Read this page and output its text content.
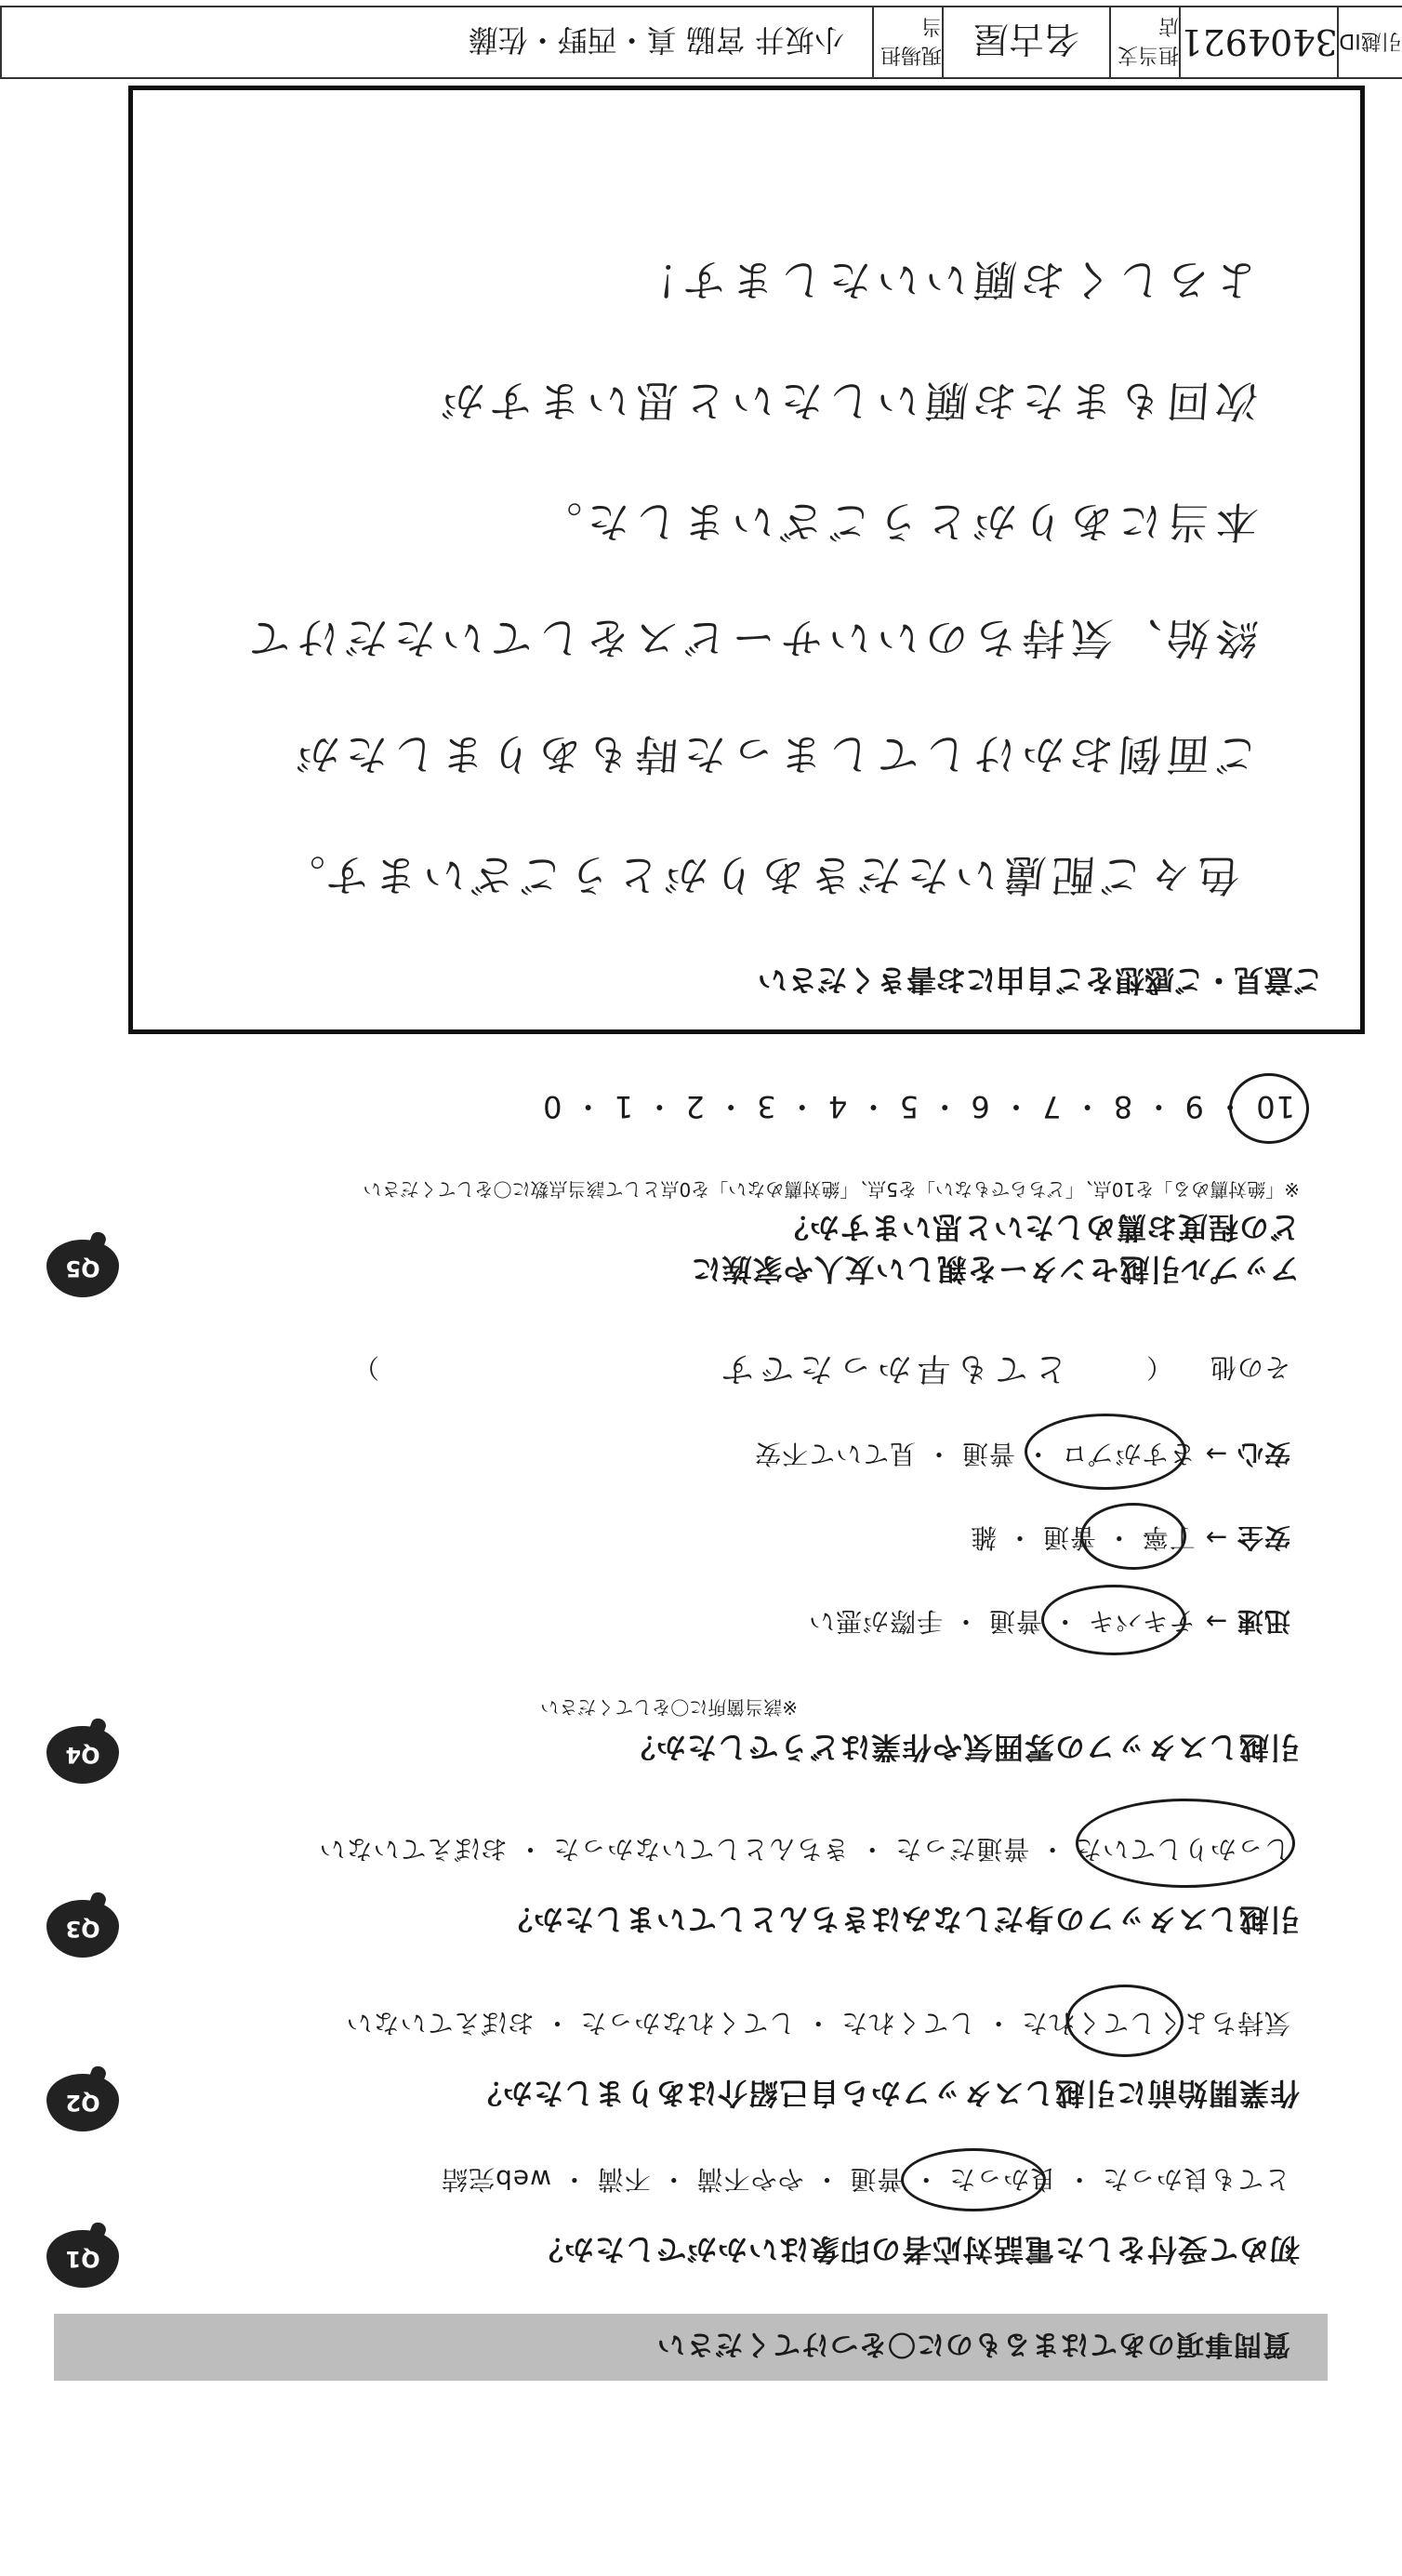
質問事項のあてはまるものに〇をつけてください
Q1	初めて受付をした電話対応者の印象はいかがでしたか？
とても良かった ・ 良かった ・ 普通 ・ やや不満 ・ 不満 ・ web完結
Q2	作業開始前に引越しスタッフから自己紹介はありましたか？
気持ちよくしてくれた ・ してくれた ・ してくれなかった ・ おぼえていない
Q3	引越しスタッフの身だしなみはきちんとしていましたか？
しっかりしていた ・ 普通だった ・ きちんとしていなかった ・ おぼえていない
Q4	引越しスタッフの雰囲気や作業はどうでしたか？
※該当箇所に〇をしてください
迅速 → テキパキ ・ 普通 ・ 手際が悪い
安全 → 丁寧 ・ 普通 ・ 雑
安心 → さすがプロ ・ 普通 ・ 見ていて不安
その他 （
とても早かったです
）
Q5	アップル引越センターを親しい友人や家族に
どの程度お薦めしたいと思いますか？
※「絶対薦める」を10点、「どちらでもない」を5点、「絶対薦めない」を0点として該当点数に〇をしてください
10 ・ 9 ・ 8 ・ 7 ・ 6 ・ 5 ・ 4 ・ 3 ・ 2 ・ 1 ・ 0
ご意見・ご感想をご自由にお書きください
色々ご配慮いただきありがとうございます。
ご面倒おかけしてしまった時もありましたが
終始、気持ちのいいサービスをしていただけて
本当にありがとうございました。
次回もまたお願いしたいと思いますが
よろしくお願いいたします！
引越ID
3404921
担当支店
名古屋
現場担当
小坂井 宮脇 真・西野・佐藤
